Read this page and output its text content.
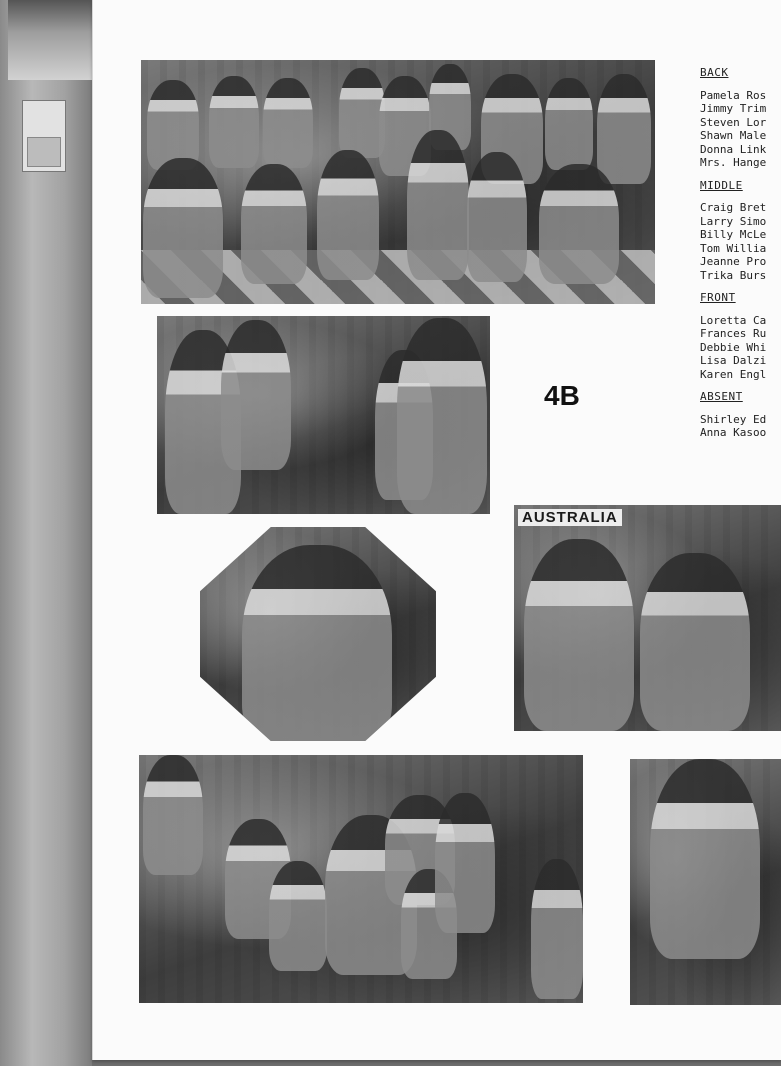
4B
AUSTRALIA
BACK
Pamela Ros
Jimmy Trim
Steven Lor
Shawn Male
Donna Link
Mrs. Hange
MIDDLE
Craig Bret
Larry Simo
Billy McLe
Tom Willia
Jeanne Pro
Trika Burs
FRONT
Loretta Ca
Frances Ru
Debbie Whi
Lisa Dalzi
Karen Engl
ABSENT
Shirley Ed
Anna Kasoo
